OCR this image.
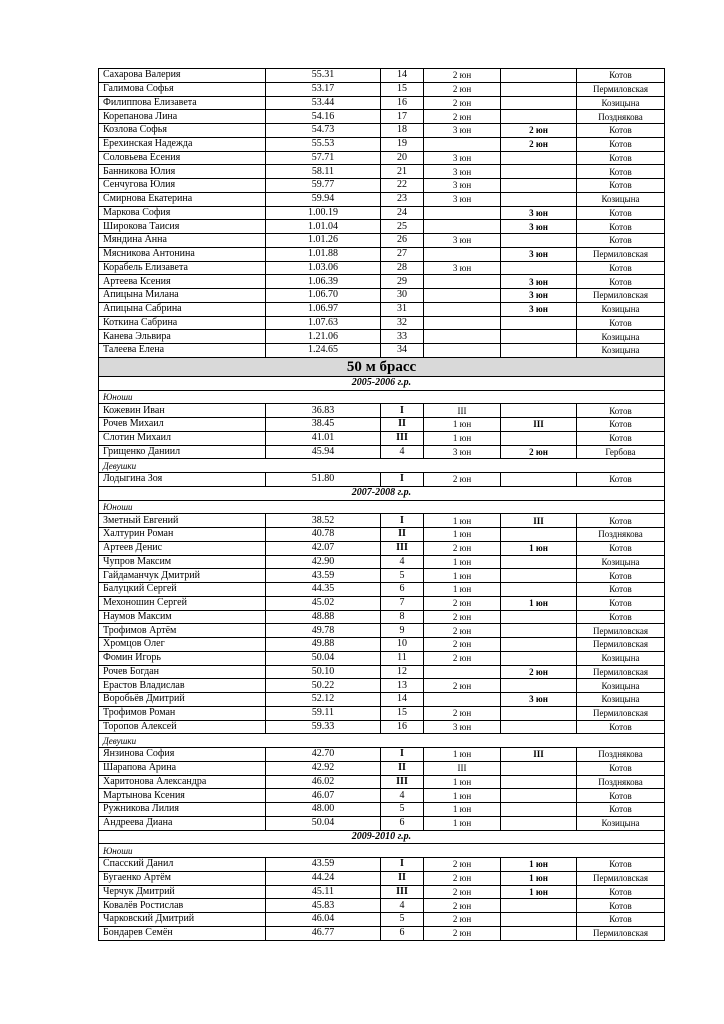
Сахарова Валерия	55.31	14	2 юн		Котов
Галимова Софья	53.17	15	2 юн		Пермиловская
Филиппова Елизавета	53.44	16	2 юн		Козицына
Корепанова Лина	54.16	17	2 юн		Позднякова
Козлова Софья	54.73	18	3 юн	2 юн	Котов
Ерехинская Надежда	55.53	19		2 юн	Котов
Соловьева Есения	57.71	20	3 юн		Котов
Банникова Юлия	58.11	21	3 юн		Котов
Сенчугова Юлия	59.77	22	3 юн		Котов
Смирнова Екатерина	59.94	23	3 юн		Козицына
Маркова София	1.00.19	24		3 юн	Котов
Широкова Таисия	1.01.04	25		3 юн	Котов
Мяндина Анна	1.01.26	26	3 юн		Котов
Мясникова Антонина	1.01.88	27		3 юн	Пермиловская
Корабель Елизавета	1.03.06	28	3 юн		Котов
Артеева Ксения	1.06.39	29		3 юн	Котов
Апицына Милана	1.06.70	30		3 юн	Пермиловская
Апицына Сабрина	1.06.97	31		3 юн	Козицына
Коткина Сабрина	1.07.63	32			Котов
Канева Эльвира	1.21.06	33			Козицына
Талеева Елена	1.24.65	34			Козицына
50 м брасс					
2005-2006 г.р.					
Юноши					
Кожевин Иван	36.83	I	III		Котов
Рочев Михаил	38.45	II	1 юн	III	Котов
Слотин Михаил	41.01	III	1 юн		Котов
Грищенко Даниил	45.94	4	3 юн	2 юн	Гербова
Девушки					
Лодыгина Зоя	51.80	I	2 юн		Котов
2007-2008 г.р.					
Юноши					
Зметный Евгений	38.52	I	1 юн	III	Котов
Халтурин Роман	40.78	II	1 юн		Позднякова
Артеев Денис	42.07	III	2 юн	1 юн	Котов
Чупров Максим	42.90	4	1 юн		Козицына
Гайдаманчук Дмитрий	43.59	5	1 юн		Котов
Балуцкий Сергей	44.35	6	1 юн		Котов
Мехоношин Сергей	45.02	7	2 юн	1 юн	Котов
Наумов Максим	48.88	8	2 юн		Котов
Трофимов Артём	49.78	9	2 юн		Пермиловская
Хромцов Олег	49.88	10	2 юн		Пермиловская
Фомин Игорь	50.04	11	2 юн		Козицына
Рочев Богдан	50.10	12		2 юн	Пермиловская
Ерастов Владислав	50.22	13	2 юн		Козицына
Воробьёв Дмитрий	52.12	14		3 юн	Козицына
Трофимов Роман	59.11	15	2 юн		Пермиловская
Торопов Алексей	59.33	16	3 юн		Котов
Девушки					
Янзинова София	42.70	I	1 юн	III	Позднякова
Шарапова Арина	42.92	II	III		Котов
Харитонова Александра	46.02	III	1 юн		Позднякова
Мартынова Ксения	46.07	4	1 юн		Котов
Ружникова Лилия	48.00	5	1 юн		Котов
Андреева Диана	50.04	6	1 юн		Козицына
2009-2010 г.р.					
Юноши					
Спасский Данил	43.59	I	2 юн	1 юн	Котов
Бугаенко Артём	44.24	II	2 юн	1 юн	Пермиловская
Черчук Дмитрий	45.11	III	2 юн	1 юн	Котов
Ковалёв Ростислав	45.83	4	2 юн		Котов
Чарковский Дмитрий	46.04	5	2 юн		Котов
Бондарев Семён	46.77	6	2 юн		Пермиловская
